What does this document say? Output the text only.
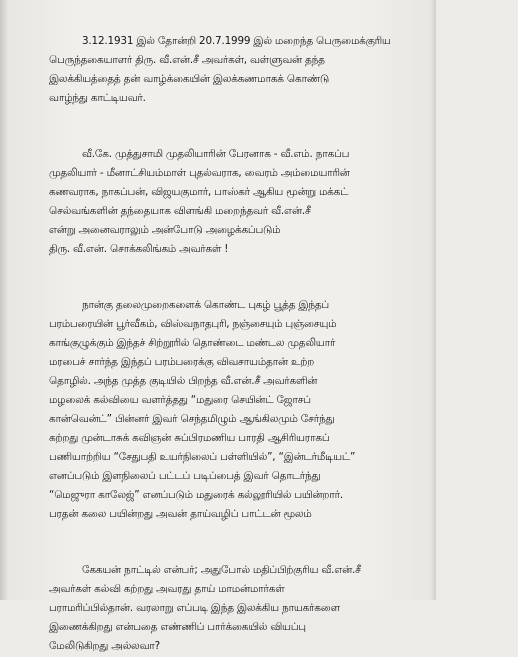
3.12.1931 இல் தோன்றி 20.7.1999 இல் மறைந்த பெருமைக்குரிய
பெருந்தகையாளர் திரு. வீ.என்.சீ அவர்கள், வள்ளுவன் தந்த
இலக்கியத்தைத் தன் வாழ்க்கையின் இலக்கணமாகக் கொண்டு
வாழ்ந்து காட்டியவர்.
வீ.கே. முத்துசாமி முதலியாரின் பேரனாக - வீ.எம். நாகப்ப
முதலியார் - மீனாட்சியம்மாள் புதல்வராக, வைரம் அம்மையாரின்
கணவராக, நாகப்பன், விஜயகுமார், பாஸ்கர் ஆகிய மூன்று மக்கட்
செல்வங்களின் தந்தையாக விளங்கி மறைந்தவர் வீ.என்.சீ
என்று அனைவராலும் அன்போடு அழைக்கப்படும்
திரு. வீ.என். சொக்கலிங்கம் அவர்கள் !
நான்கு தலைமுறைகளைக் கொண்ட புகழ் பூத்த இந்தப்
பரம்பரையின் பூர்வீகம், விஸ்வநாதபுரி, நஞ்சையும் புஞ்சையும்
காங்குழுக்கும் இந்தச் சிற்றூரில் தொண்டை மண்டல முதலியார்
மரபைச் சார்ந்த இந்தப் பரம்பரைக்கு விவசாயம்தான் உற்ற
தொழில். அந்த முத்த குடியில் பிறந்த வீ.என்.சீ அவர்களின்
மழலைக் கல்வியை வளர்த்தது “மதுரை செயின்ட் ஜோசப்
கான்வென்ட்” பின்னர் இவர் செந்தமிழும் ஆங்கிலமும் சேர்ந்து
கற்றது முன்டாசுக் கவிஞன் சுப்பிரமணிய பாரதி ஆசிரியராகப்
பணியாற்றிய “சேதுபதி உயர்நிலைப் பள்ளியில்”, “இன்டர்மீடியட்”
எனப்படும் இளநிலைப் பட்டப் படிப்பைத் இவர் தொடர்ந்து
“மெஜுரா காலேஜ்” எனப்படும் மதுரைக் கல்லூரியில் பயின்றார்.
பரதன் கலை பயின்றது அவன் தாய்வழிப் பாட்டன் மூலம்
கேகயன் நாட்டில் என்பர்; அதுபோல் மதிப்பிற்குரிய வீ.என்.சீ
அவர்கள் கல்வி கற்றது அவரது தாய் மாமன்மார்கள்
பராமரிப்பில்தான். வரலாறு எப்படி இந்த இலக்கிய நாயகர்களை
இணைக்கிறது என்பதை எண்ணிப் பார்க்கையில் வியப்பு
மேலிடுகிறது அல்லவா?
